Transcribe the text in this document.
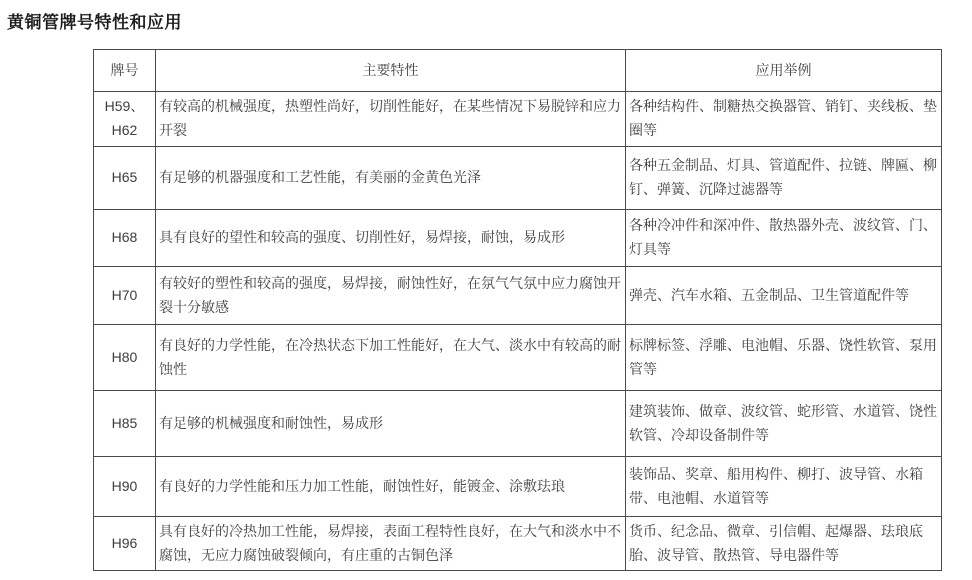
黄铜管牌号特性和应用
牌号	主要特性	应用举例
H59、H62	有较高的机械强度，热塑性尚好，切削性能好，在某些情况下易脱锌和应力开裂	各种结构件、制糖热交换器管、销钉、夹线板、垫圈等
H65	有足够的机器强度和工艺性能，有美丽的金黄色光泽	各种五金制品、灯具、管道配件、拉链、牌匾、柳钉、弹簧、沉降过滤器等
H68	具有良好的望性和较高的强度、切削性好，易焊接，耐蚀，易成形	各种冷冲件和深冲件、散热器外壳、波纹管、门、灯具等
H70	有较好的塑性和较高的强度，易焊接，耐蚀性好，在氛气气氛中应力腐蚀开裂十分敏感	弹壳、汽车水箱、五金制品、卫生管道配件等
H80	有良好的力学性能，在冷热状态下加工性能好，在大气、淡水中有较高的耐蚀性	标牌标签、浮雕、电池帽、乐器、饶性软管、泵用管等
H85	有足够的机械强度和耐蚀性，易成形	建筑装饰、做章、波纹管、蛇形管、水道管、饶性软管、冷却设备制件等
H90	有良好的力学性能和压力加工性能，耐蚀性好，能镀金、涂敷珐琅	装饰品、奖章、船用构件、柳打、波导管、水箱带、电池帽、水道管等
H96	具有良好的冷热加工性能，易焊接，表面工程特性良好，在大气和淡水中不腐蚀，无应力腐蚀破裂倾向，有庄重的古铜色泽	货币、纪念品、微章、引信帽、起爆器、珐琅底胎、波导管、散热管、导电器件等
